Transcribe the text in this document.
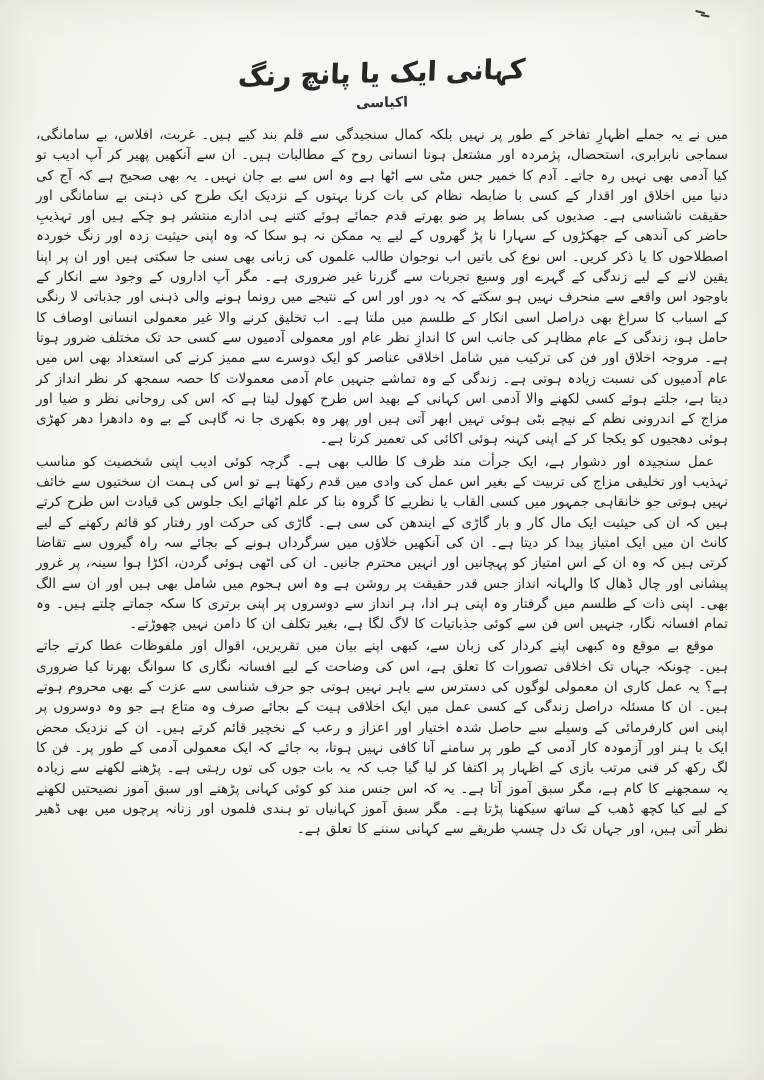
کہانی ایک یا پانچ رنگ
اکیاسی

میں نے یہ جملے اظہارِ تفاخر کے طور پر نہیں بلکہ کمال سنجیدگی سے قلم بند کیے ہیں۔ غربت، افلاس، بے سامانگی، سماجی نابرابری، استحصال، پژمردہ اور مشتعل ہونا انسانی روح کے مطالبات ہیں۔ ان سے آنکھیں پھیر کر آپ ادیب تو کیا آدمی بھی نہیں رہ جاتے۔ آدم کا خمیر جس مٹی سے اٹھا ہے وہ اس سے بے جان نہیں۔ یہ بھی صحیح ہے کہ آج کی دنیا میں اخلاق اور اقدار کے کسی با ضابطہ نظام کی بات کرنا بہتوں کے نزدیک ایک طرح کی ذہنی بے سامانگی اور حقیقت ناشناسی ہے۔ صدیوں کی بساط پر ضو بھرتے قدم جمائے ہوئے کتنے ہی ادارے منتشر ہو چکے ہیں اور تہذیبِ حاضر کی آندھی کے جھکڑوں کے سہارا نا پڑ گھروں کے لیے یہ ممکن نہ ہو سکا کہ وہ اپنی حیثیت زدہ اور زنگ خوردہ اصطلاحوں کا یا ذکر کریں۔ اس نوع کی باتیں اب نوجوان طالب علموں کی زبانی بھی سنی جا سکتی ہیں اور ان پر اپنا یقین لانے کے لیے زندگی کے گہرے اور وسیع تجربات سے گزرنا غیر ضروری ہے۔ مگر آپ اداروں کے وجود سے انکار کے باوجود اس واقعے سے منحرف نہیں ہو سکتے کہ یہ دور اور اس کے نتیجے میں رونما ہونے والی ذہنی اور جذباتی لا رنگی کے اسباب کا سراغ بھی دراصل اسی انکار کے طلسم میں ملتا ہے۔ اب تخلیق کرنے والا غیر معمولی انسانی اوصاف کا حامل ہو، زندگی کے عام مظاہر کی جانب اس کا اندازِ نظر عام اور معمولی آدمیوں سے کسی حد تک مختلف ضرور ہوتا ہے۔ مروجہ اخلاق اور فن کی ترکیب میں شامل اخلاقی عناصر کو ایک دوسرے سے ممیز کرنے کی استعداد بھی اس میں عام آدمیوں کی نسبت زیادہ ہوتی ہے۔ زندگی کے وہ تماشے جنہیں عام آدمی معمولات کا حصہ سمجھ کر نظر انداز کر دیتا ہے، جلتے ہوئے کسی لکھنے والا آدمی اس کہانی کے بھید اس طرح کھول لیتا ہے کہ اس کی روحانی نظر و ضیا اور مزاج کے اندرونی نظم کے نیچے بٹی ہوئی تہیں ابھر آتی ہیں اور پھر وہ بکھری جا نہ گاہی کے بے وہ دادھرا دھر کھڑی ہوئی دھجیوں کو یکجا کر کے اپنی کہنہ ہوئی اکائی کی تعمیر کرتا ہے۔

عمل سنجیدہ اور دشوار ہے، ایک جرأت مند ظرف کا طالب بھی ہے۔ گرچہ کوئی ادیب اپنی شخصیت کو مناسب تہذیب اور تخلیقی مزاج کی تربیت کے بغیر اس عمل کی وادی میں قدم رکھتا ہے تو اس کی ہمت ان سختیوں سے خائف نہیں ہوتی جو خانقاہی جمہور میں کسی القاب یا نظریے کا گروہ بنا کر علم اٹھائے ایک جلوس کی قیادت اس طرح کرتے ہیں کہ ان کی حیثیت ایک مال کار و بار گاڑی کے ایندھن کی سی ہے۔ گاڑی کی حرکت اور رفتار کو قائم رکھنے کے لیے کانٹ ان میں ایک امتیاز پیدا کر دیتا ہے۔ ان کی آنکھیں خلاؤں میں سرگرداں ہونے کے بجائے سہ راہ گیروں سے تقاضا کرتی ہیں کہ وہ ان کے اس امتیاز کو پہچانیں اور انہیں محترم جانیں۔ ان کی اٹھی ہوئی گردن، اکڑا ہوا سینہ، پر غرور پیشانی اور چال ڈھال کا والہانہ انداز جس قدر حقیقت پر روشن ہے وہ اس ہجوم میں شامل بھی ہیں اور ان سے الگ بھی۔ اپنی ذات کے طلسم میں گرفتار وہ اپنی ہر ادا، ہر انداز سے دوسروں پر اپنی برتری کا سکہ جماتے چلتے ہیں۔ وہ تمام افسانہ نگار، جنہیں اس فن سے کوئی جذباتیات کا لاگ لگا ہے، بغیر تکلف ان کا دامن نہیں چھوڑتے۔

موقع بے موقع وہ کبھی اپنے کردار کی زبان سے، کبھی اپنے بیان میں تقریریں، اقوال اور ملفوظات عطا کرتے جاتے ہیں۔ چونکہ جہاں تک اخلاقی تصورات کا تعلق ہے، اس کی وضاحت کے لیے افسانہ نگاری کا سوانگ بھرنا کیا ضروری ہے؟ یہ عمل کاری ان معمولی لوگوں کی دسترس سے باہر نہیں ہوتی جو حرف شناسی سے عزت کے بھی محروم ہوتے ہیں۔ ان کا مسئلہ دراصل زندگی کے کسی عمل میں ایک اخلاقی ہیت کے بجائے صرف وہ متاع ہے جو وہ دوسروں پر اپنی اس کارفرمائی کے وسیلے سے حاصل شدہ اختیار اور اعزاز و رعب کے نخچیر قائم کرتے ہیں۔ ان کے نزدیک محض ایک با ہنر اور آزمودہ کار آدمی کے طور پر سامنے آنا کافی نہیں ہوتا، بہ جائے کہ ایک معمولی آدمی کے طور پر۔ فن کا لگ رکھ کر فنی مرتب بازی کے اظہار پر اکتفا کر لیا گیا جب کہ یہ بات جوں کی توں رہتی ہے۔ پڑھنے لکھنے سے زیادہ یہ سمجھنے کا کام ہے، مگر سبق آموز آتا ہے۔ یہ کہ اس جنس مند کو کوئی کہانی پڑھنے اور سبق آموز نصیحتیں لکھنے کے لیے کیا کچھ ڈھب کے ساتھ سیکھنا پڑتا ہے۔ مگر سبق آموز کہانیاں تو ہندی فلموں اور زنانہ پرچوں میں بھی ڈھیر نظر آتی ہیں، اور جہاں تک دل چسپ طریقے سے کہانی سننے کا تعلق ہے۔
